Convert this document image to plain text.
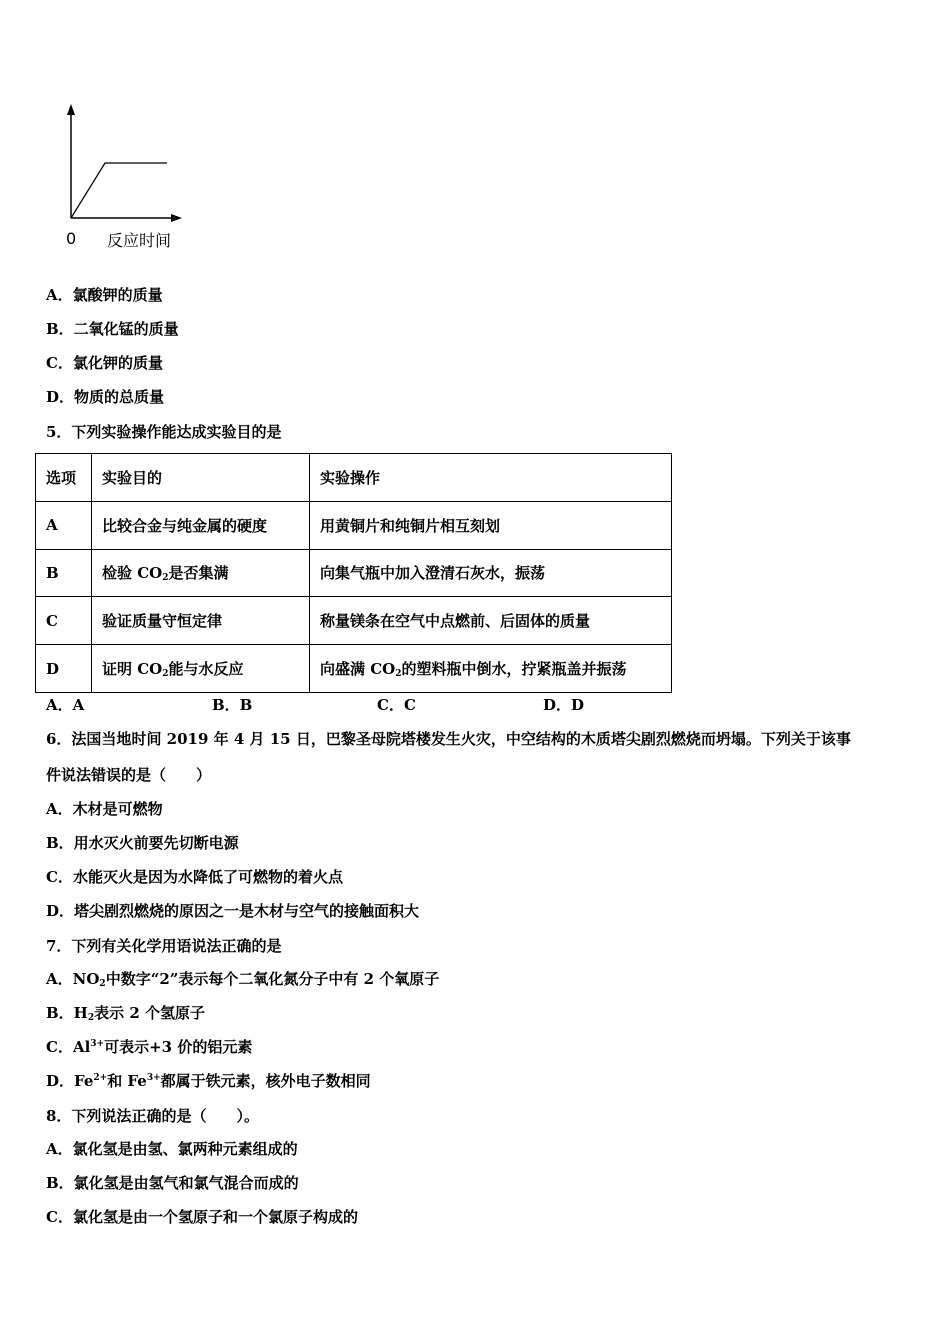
0 反应时间
A．氯酸钾的质量
B．二氧化锰的质量
C．氯化钾的质量
D．物质的总质量
5．下列实验操作能达成实验目的是
选项	实验目的	实验操作
A	比较合金与纯金属的硬度	用黄铜片和纯铜片相互刻划
B	检验 $CO_2$是否集满	向集气瓶中加入澄清石灰水，振荡
C	验证质量守恒定律	称量镁条在空气中点燃前、后固体的质量
D	证明 $CO_2$能与水反应	向盛满 $CO_2$的塑料瓶中倒水，拧紧瓶盖并振荡
A．A	B．B	C．C	D．D
6．法国当地时间 2019 年 4 月 15 日，巴黎圣母院塔楼发生火灾，中空结构的木质塔尖剧烈燃烧而坍塌。下列关于该事
件说法错误的是（　　）
A．木材是可燃物
B．用水灭火前要先切断电源
C．水能灭火是因为水降低了可燃物的着火点
D．塔尖剧烈燃烧的原因之一是木材与空气的接触面积大
7．下列有关化学用语说法正确的是
A．$NO_2$中数字“2”表示每个二氧化氮分子中有 2 个氧原子
B．$H_2$表示 2 个氢原子
C．$Al^{3+}$可表示+3 价的铝元素
D．$Fe^{2+}$和 $Fe^{3+}$都属于铁元素，核外电子数相同
8．下列说法正确的是（　　）。
A．氯化氢是由氢、氯两种元素组成的
B．氯化氢是由氢气和氯气混合而成的
C．氯化氢是由一个氢原子和一个氯原子构成的
